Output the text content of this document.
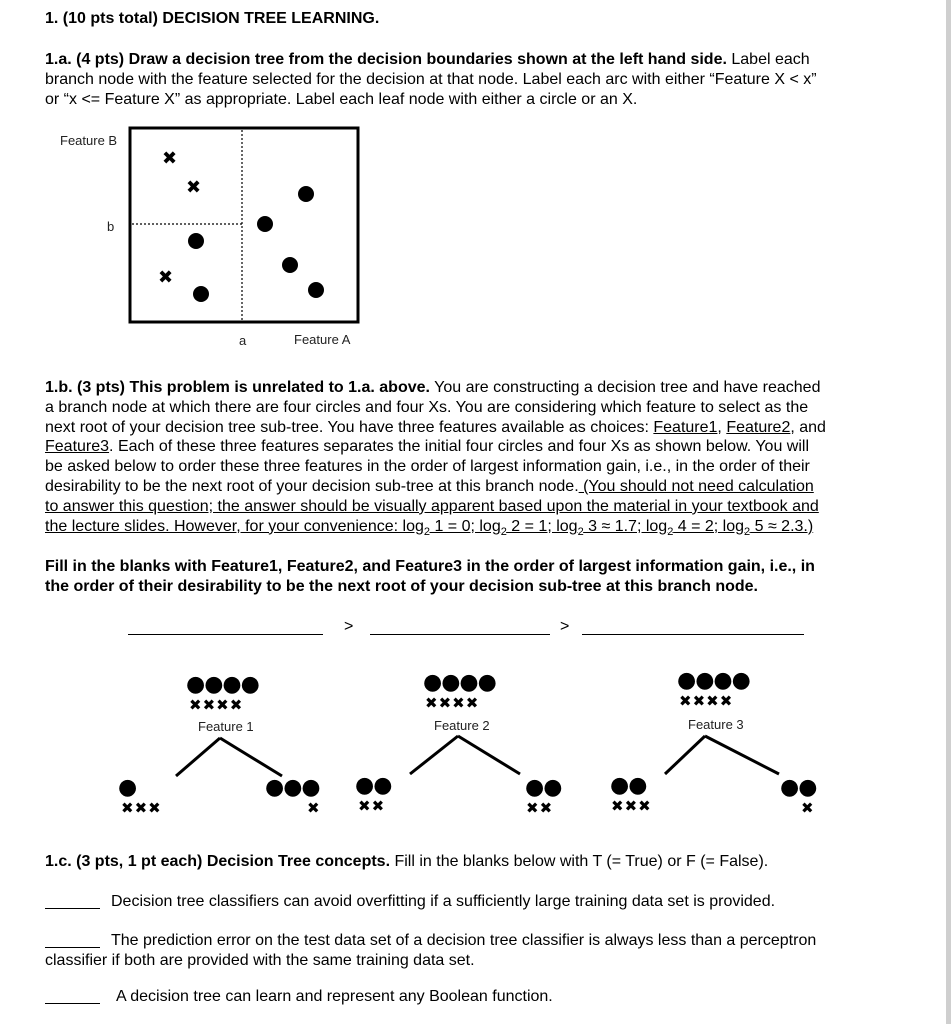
1. (10 pts total) DECISION TREE LEARNING.
1.a. (4 pts) Draw a decision tree from the decision boundaries shown at the left hand side. Label each
branch node with the feature selected for the decision at that node. Label each arc with either “Feature X < x”
or “x <= Feature X” as appropriate. Label each leaf node with either a circle or an X.
Feature B
b
a	Feature A
✖
✖
✖
1.b. (3 pts) This problem is unrelated to 1.a. above. You are constructing a decision tree and have reached
a branch node at which there are four circles and four Xs. You are considering which feature to select as the
next root of your decision tree sub-tree. You have three features available as choices: Feature1, Feature2, and
Feature3. Each of these three features separates the initial four circles and four Xs as shown below. You will
be asked below to order these three features in the order of largest information gain, i.e., in the order of their
desirability to be the next root of your decision sub-tree at this branch node. (You should not need calculation
to answer this question; the answer should be visually apparent based upon the material in your textbook and
the lecture slides. However, for your convenience: $\log_2 1 = 0$; $\log_2 2 = 1$; $\log_2 3 \approx 1.7$; $\log_2 4 = 2$; $\log_2 5 \approx 2.3$.)
Fill in the blanks with Feature1, Feature2, and Feature3 in the order of largest information gain, i.e., in
the order of their desirability to be the next root of your decision sub-tree at this branch node.
>	>
●●●●
✖✖✖✖
Feature 1
●
✖✖✖
●●●
✖
●●●●
✖✖✖✖
Feature 2
●●
✖✖
●●
✖✖
●●●●
✖✖✖✖
Feature 3
●●
✖✖✖
●●
✖
1.c. (3 pts, 1 pt each) Decision Tree concepts. Fill in the blanks below with T (= True) or F (= False).
Decision tree classifiers can avoid overfitting if a sufficiently large training data set is provided.
The prediction error on the test data set of a decision tree classifier is always less than a perceptron
classifier if both are provided with the same training data set.
A decision tree can learn and represent any Boolean function.
